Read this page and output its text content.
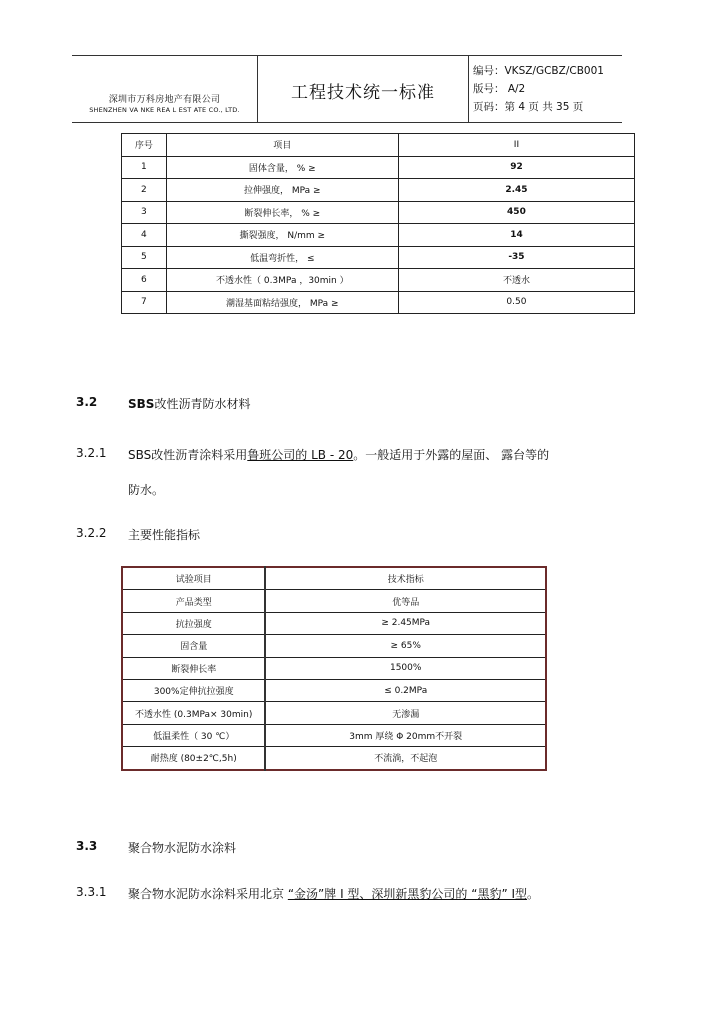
深圳市万科房地产有限公司
SHENZHEN VA NKE REA L EST ATE CO., LTD.
工程技术统一标准
编号：VKSZ/GCBZ/CB001
版号： A/2
页码：第 4 页 共 35 页
序号	项目	II
1	固体含量， % ≥	92
2	拉伸强度， MPa ≥	2.45
3	断裂伸长率， % ≥	450
4	撕裂强度， N/mm ≥	14
5	低温弯折性， ≤	-35
6	不透水性（ 0.3MPa ，30min ）	不透水
7	潮湿基面粘结强度， MPa ≥	0.50
3.2	SBS改性沥青防水材料
3.2.1 SBS改性沥青涂料采用鲁班公司的 LB - 20。一般适用于外露的屋面、 露台等的
防水。
3.2.2 主要性能指标
试验项目	技术指标
产品类型	优等品
抗拉强度	≥ 2.45MPa
固含量	≥ 65%
断裂伸长率	1500%
300%定伸抗拉强度	≤ 0.2MPa
不透水性 (0.3MPa× 30min)	无渗漏
低温柔性（ 30 ℃）	3mm 厚绕 Φ 20mm不开裂
耐热度 (80±2℃,5h)	不流淌，不起泡
3.3	聚合物水泥防水涂料
3.3.1 聚合物水泥防水涂料采用北京 “金汤”牌 I 型、深圳新黑豹公司的 “黑豹” I型。
